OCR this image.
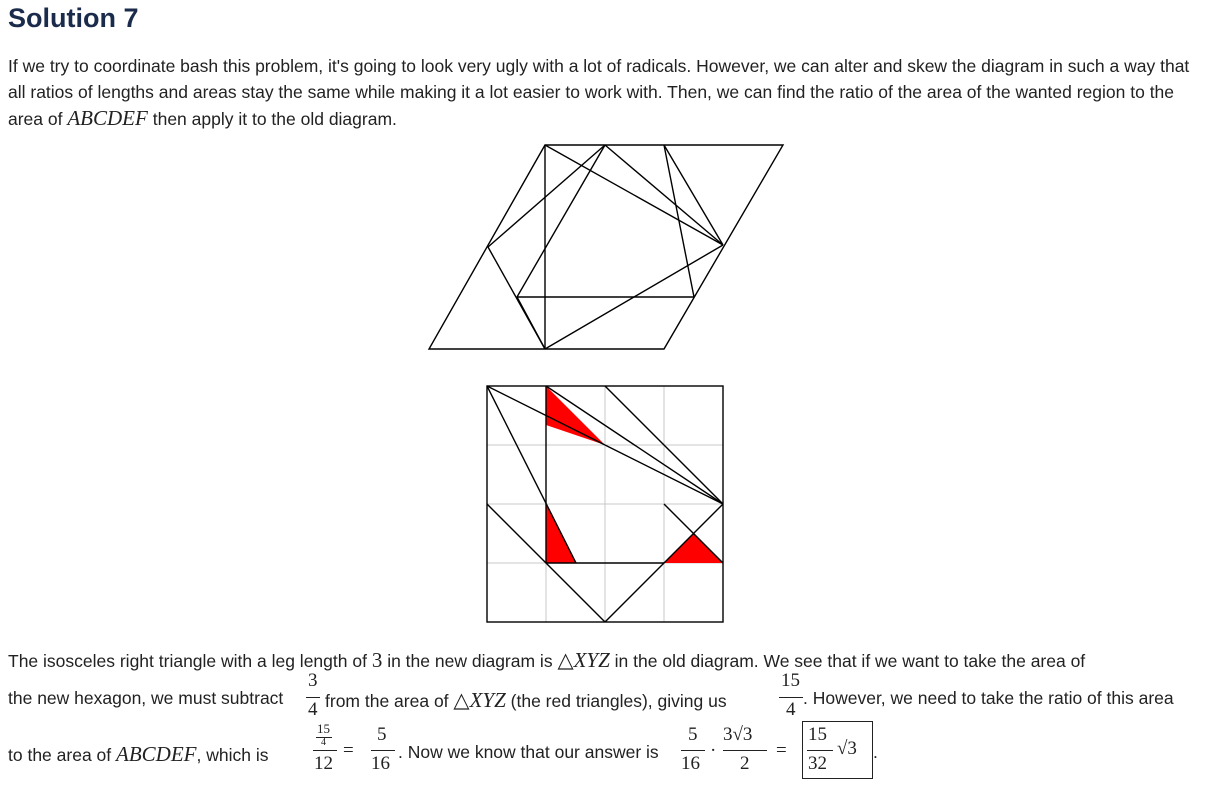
Solution 7

If we try to coordinate bash this problem, it's going to look very ugly with a lot of radicals. However, we can alter and skew the diagram in such a way that all ratios of lengths and areas stay the same while making it a lot easier to work with. Then, we can find the ratio of the area of the wanted region to the area of ABCDEF then apply it to the old diagram.

The isosceles right triangle with a leg length of 3 in the new diagram is △XYZ in the old diagram. We see that if we want to take the area of
the new hexagon, we must subtract
3
4 from the area of △XYZ (the red triangles), giving us
15
4
. However, we need to take the ratio of this area
to the area of ABCDEF, which is
15
4
12
=
5
16
. Now we know that our answer is
5
16
·
3√3
2
=
15
32
√3 .
